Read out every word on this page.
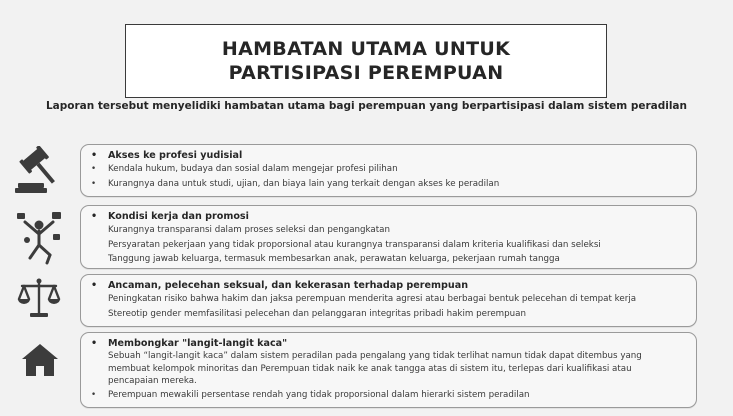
HAMBATAN UTAMA UNTUK
PARTISIPASI PEREMPUAN
Laporan tersebut menyelidiki hambatan utama bagi perempuan yang berpartisipasi dalam sistem peradilan
• Akses ke profesi yudisial
• Kendala hukum, budaya dan sosial dalam mengejar profesi pilihan
• Kurangnya dana untuk studi, ujian, dan biaya lain yang terkait dengan akses ke peradilan
• Kondisi kerja dan promosi
Kurangnya transparansi dalam proses seleksi dan pengangkatan
Persyaratan pekerjaan yang tidak proporsional atau kurangnya transparansi dalam kriteria kualifikasi dan seleksi
Tanggung jawab keluarga, termasuk membesarkan anak, perawatan keluarga, pekerjaan rumah tangga
• Ancaman, pelecehan seksual, dan kekerasan terhadap perempuan
Peningkatan risiko bahwa hakim dan jaksa perempuan menderita agresi atau berbagai bentuk pelecehan di tempat kerja
Stereotip gender memfasilitasi pelecehan dan pelanggaran integritas pribadi hakim perempuan
• Membongkar "langit-langit kaca"
Sebuah “langit-langit kaca” dalam sistem peradilan pada pengalang yang tidak terlihat namun tidak dapat ditembus yang
membuat kelompok minoritas dan Perempuan tidak naik ke anak tangga atas di sistem itu, terlepas dari kualifikasi atau
pencapaian mereka.
• Perempuan mewakili persentase rendah yang tidak proporsional dalam hierarki sistem peradilan
